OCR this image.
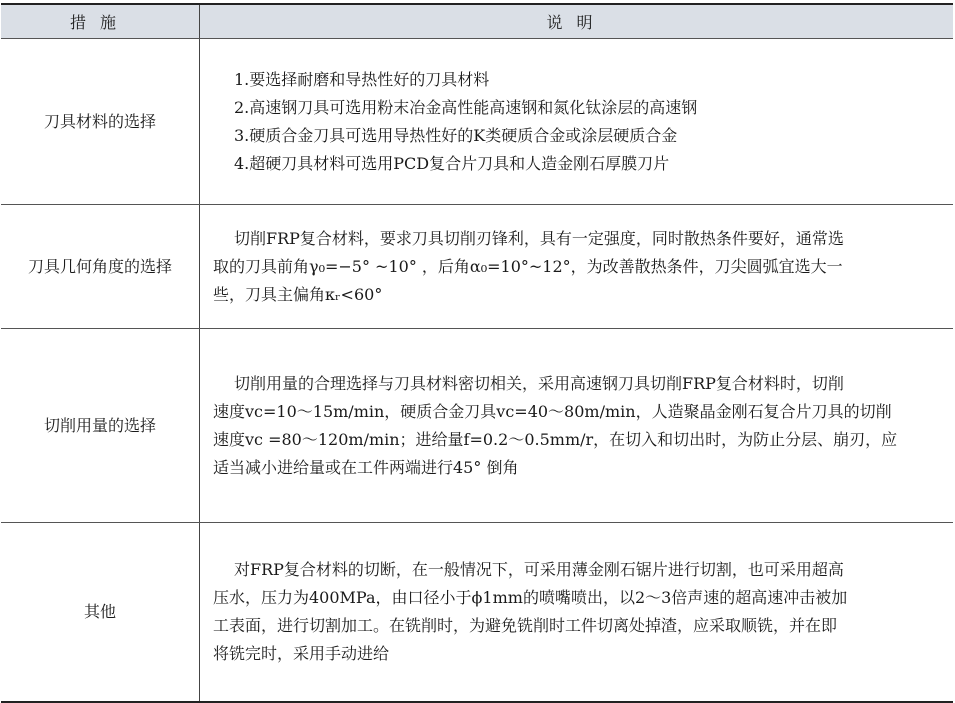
措施	说明
刀具材料的选择	1.要选择耐磨和导热性好的刀具材料
2.高速钢刀具可选用粉末冶金高性能高速钢和氮化钛涂层的高速钢
3.硬质合金刀具可选用导热性好的K类硬质合金或涂层硬质合金
4.超硬刀具材料可选用PCD复合片刀具和人造金刚石厚膜刀片

刀具几何角度的选择	切削FRP复合材料，要求刀具切削刃锋利，具有一定强度，同时散热条件要好，通常选
取的刀具前角γ₀=−5° ~10° ，后角α₀=10°~12°，为改善散热条件，刀尖圆弧宜选大一
些，刀具主偏角κᵣ<60°

切削用量的选择	切削用量的合理选择与刀具材料密切相关，采用高速钢刀具切削FRP复合材料时，切削
速度vc=10～15m/min，硬质合金刀具vc=40～80m/min，人造聚晶金刚石复合片刀具的切削
速度vc =80～120m/min；进给量f=0.2～0.5mm/r，在切入和切出时，为防止分层、崩刃，应
适当减小进给量或在工件两端进行45° 倒角

其他	对FRP复合材料的切断，在一般情况下，可采用薄金刚石锯片进行切割，也可采用超高
压水，压力为400MPa，由口径小于ϕ1mm的喷嘴喷出，以2～3倍声速的超高速冲击被加
工表面，进行切割加工。在铣削时，为避免铣削时工件切离处掉渣，应采取顺铣，并在即
将铣完时，采用手动进给
